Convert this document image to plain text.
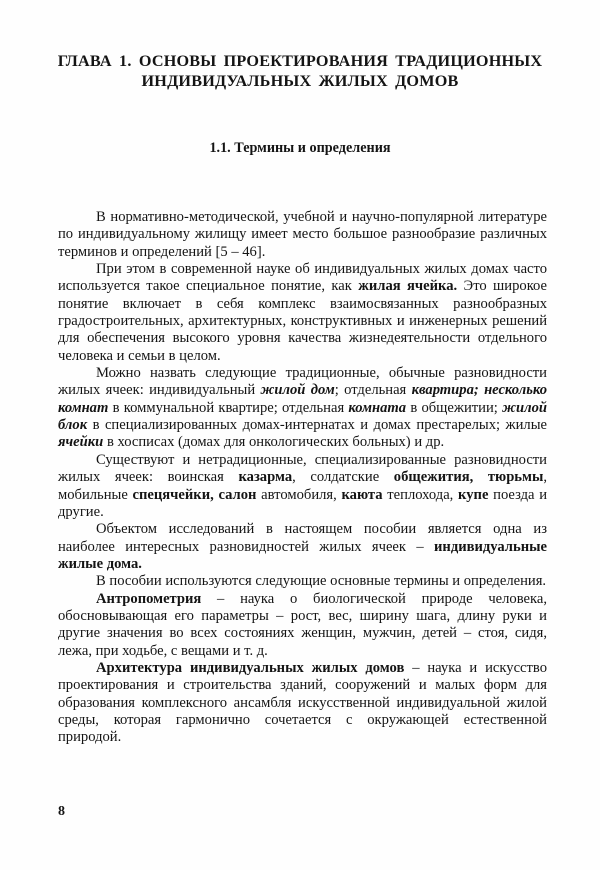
ГЛАВА 1. ОСНОВЫ ПРОЕКТИРОВАНИЯ ТРАДИЦИОННЫХ
ИНДИВИДУАЛЬНЫХ ЖИЛЫХ ДОМОВ
1.1. Термины и определения

В нормативно-методической, учебной и научно-популярной литературе по индивидуальному жилищу имеет место большое разнообразие различных терминов и определений [5 – 46].

При этом в современной науке об индивидуальных жилых домах часто используется такое специальное понятие, как жилая ячейка. Это широкое понятие включает в себя комплекс взаимосвязанных разнообразных градостроительных, архитектурных, конструктивных и инженерных решений для обеспечения высокого уровня качества жизнедеятельности отдельного человека и семьи в целом.

Можно назвать следующие традиционные, обычные разновидности жилых ячеек: индивидуальный жилой дом; отдельная квартира; несколько комнат в коммунальной квартире; отдельная комната в общежитии; жилой блок в специализированных домах-интернатах и домах престарелых; жилые ячейки в хосписах (домах для онкологических больных) и др.

Существуют и нетрадиционные, специализированные разновидности жилых ячеек: воинская казарма, солдатские общежития, тюрьмы, мобильные спецячейки, салон автомобиля, каюта теплохода, купе поезда и другие.

Объектом исследований в настоящем пособии является одна из наиболее интересных разновидностей жилых ячеек – индивидуальные жилые дома.

В пособии используются следующие основные термины и определения.

Антропометрия – наука о биологической природе человека, обосновывающая его параметры – рост, вес, ширину шага, длину руки и другие значения во всех состояниях женщин, мужчин, детей – стоя, сидя, лежа, при ходьбе, с вещами и т. д.

Архитектура индивидуальных жилых домов – наука и искусство проектирования и строительства зданий, сооружений и малых форм для образования комплексного ансамбля искусственной индивидуальной жилой среды, которая гармонично сочетается с окружающей естественной природой.

8
